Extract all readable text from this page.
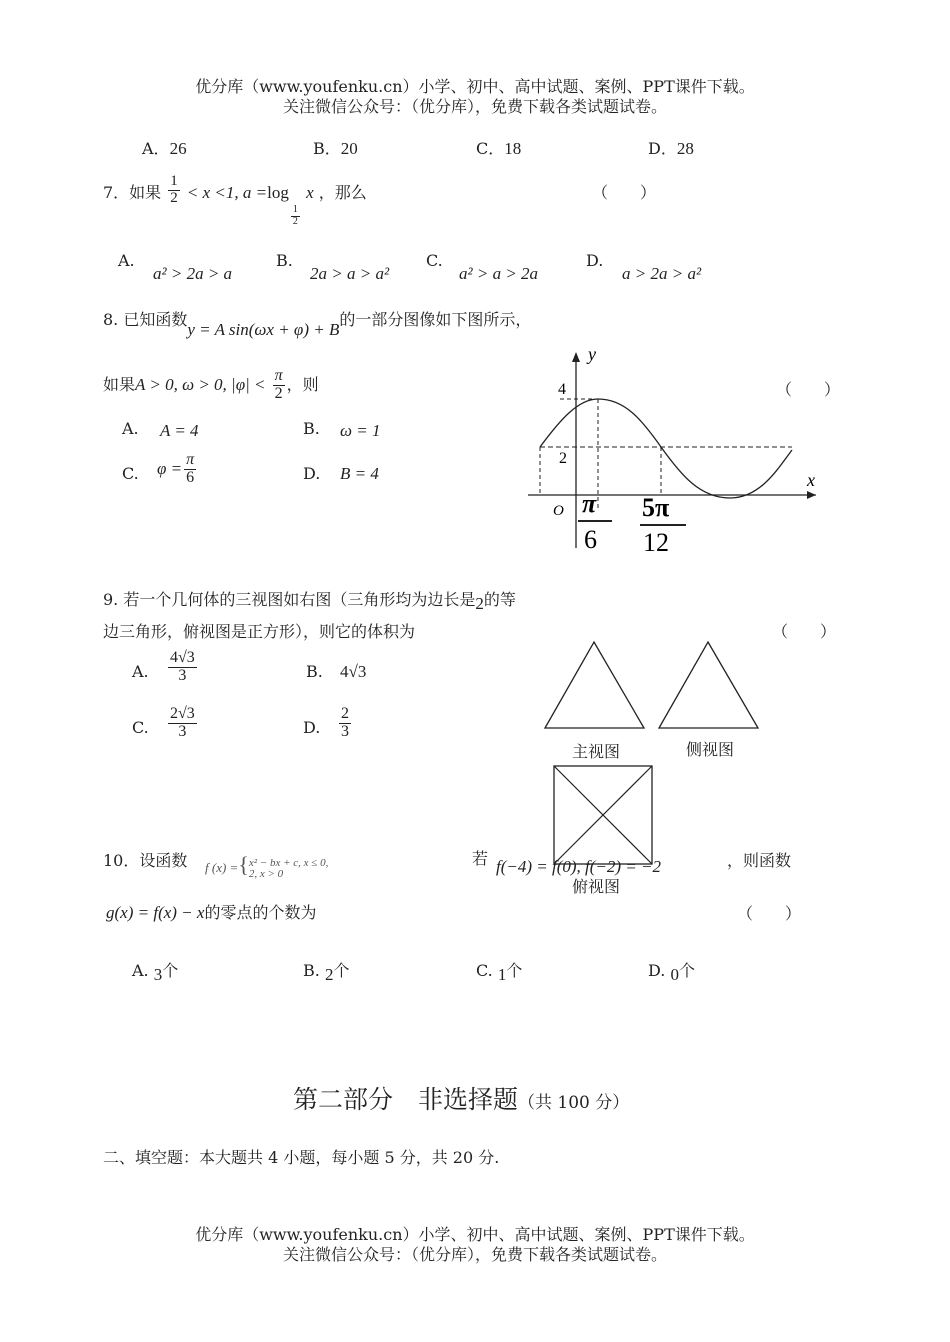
优分库（www.youfenku.cn）小学、初中、高中试题、案例、PPT课件下载。
关注微信公众号：（优分库），免费下载各类试题试卷。
A．26	B．20	C．18	D．28
7．如果 $\frac{1}{2} < x <1$, a =log
$\frac{1}{2}$
x ，那么	（　　）
A.
a² > 2a > a
B.
2a > a > a²
C.
a² > a > 2a
D.
a > 2a > a²
8. 已知函数y = A sin(ωx + φ) + B的一部分图像如下图所示，
如果A > 0, ω > 0, $|\varphi| < \frac{\pi}{2}$ ，则	（　　）
A. A = 4	B. ω = 1
C. $\varphi = \frac{\pi}{6}$	D. B = 4
y
x
O
4
2
π
6
5π
12
9. 若一个几何体的三视图如右图（三角形均为边长是2的等
边三角形，俯视图是正方形），则它的体积为	（　　）
A. $\frac{4√3}{3}$	B. 4√3
C. $\frac{2√3}{3}$	D. $\frac{2}{3}$
主视图	侧视图
俯视图
10．设函数 f (x) ={x² − bx + c, x ≤ 0,
2, x > 0
若 f(−4) = f(0), f(−2) = −2	，则函数
g(x) = f(x) − x的零点的个数为	（　　）
A. 3个	B. 2个	C. 1个	D. 0个
第二部分　非选择题（共 100 分）
二、填空题：本大题共 4 小题，每小题 5 分，共 20 分.
优分库（www.youfenku.cn）小学、初中、高中试题、案例、PPT课件下载。
关注微信公众号：（优分库），免费下载各类试题试卷。
